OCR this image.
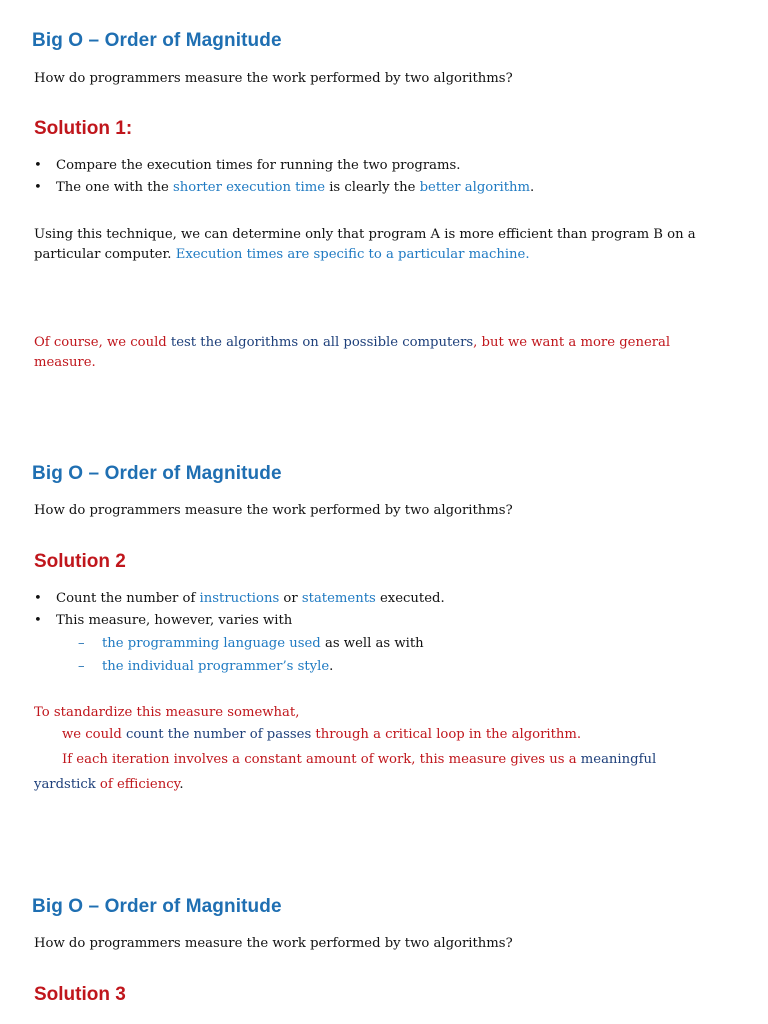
Big O – Order of Magnitude
How do programmers measure the work performed by two algorithms?
Solution 1:
• Compare the execution times for running the two programs.
• The one with the shorter execution time is clearly the better algorithm.
Using this technique, we can determine only that program A is more efficient than program B on a particular computer. Execution times are specific to a particular machine.
Of course, we could test the algorithms on all possible computers, but we want a more general measure.
Big O – Order of Magnitude
How do programmers measure the work performed by two algorithms?
Solution 2
• Count the number of instructions or statements executed.
• This measure, however, varies with
– the programming language used as well as with
– the individual programmer’s style.
To standardize this measure somewhat,
we could count the number of passes through a critical loop in the algorithm.
If each iteration involves a constant amount of work, this measure gives us a meaningful
yardstick of efficiency.
Big O – Order of Magnitude
How do programmers measure the work performed by two algorithms?
Solution 3
